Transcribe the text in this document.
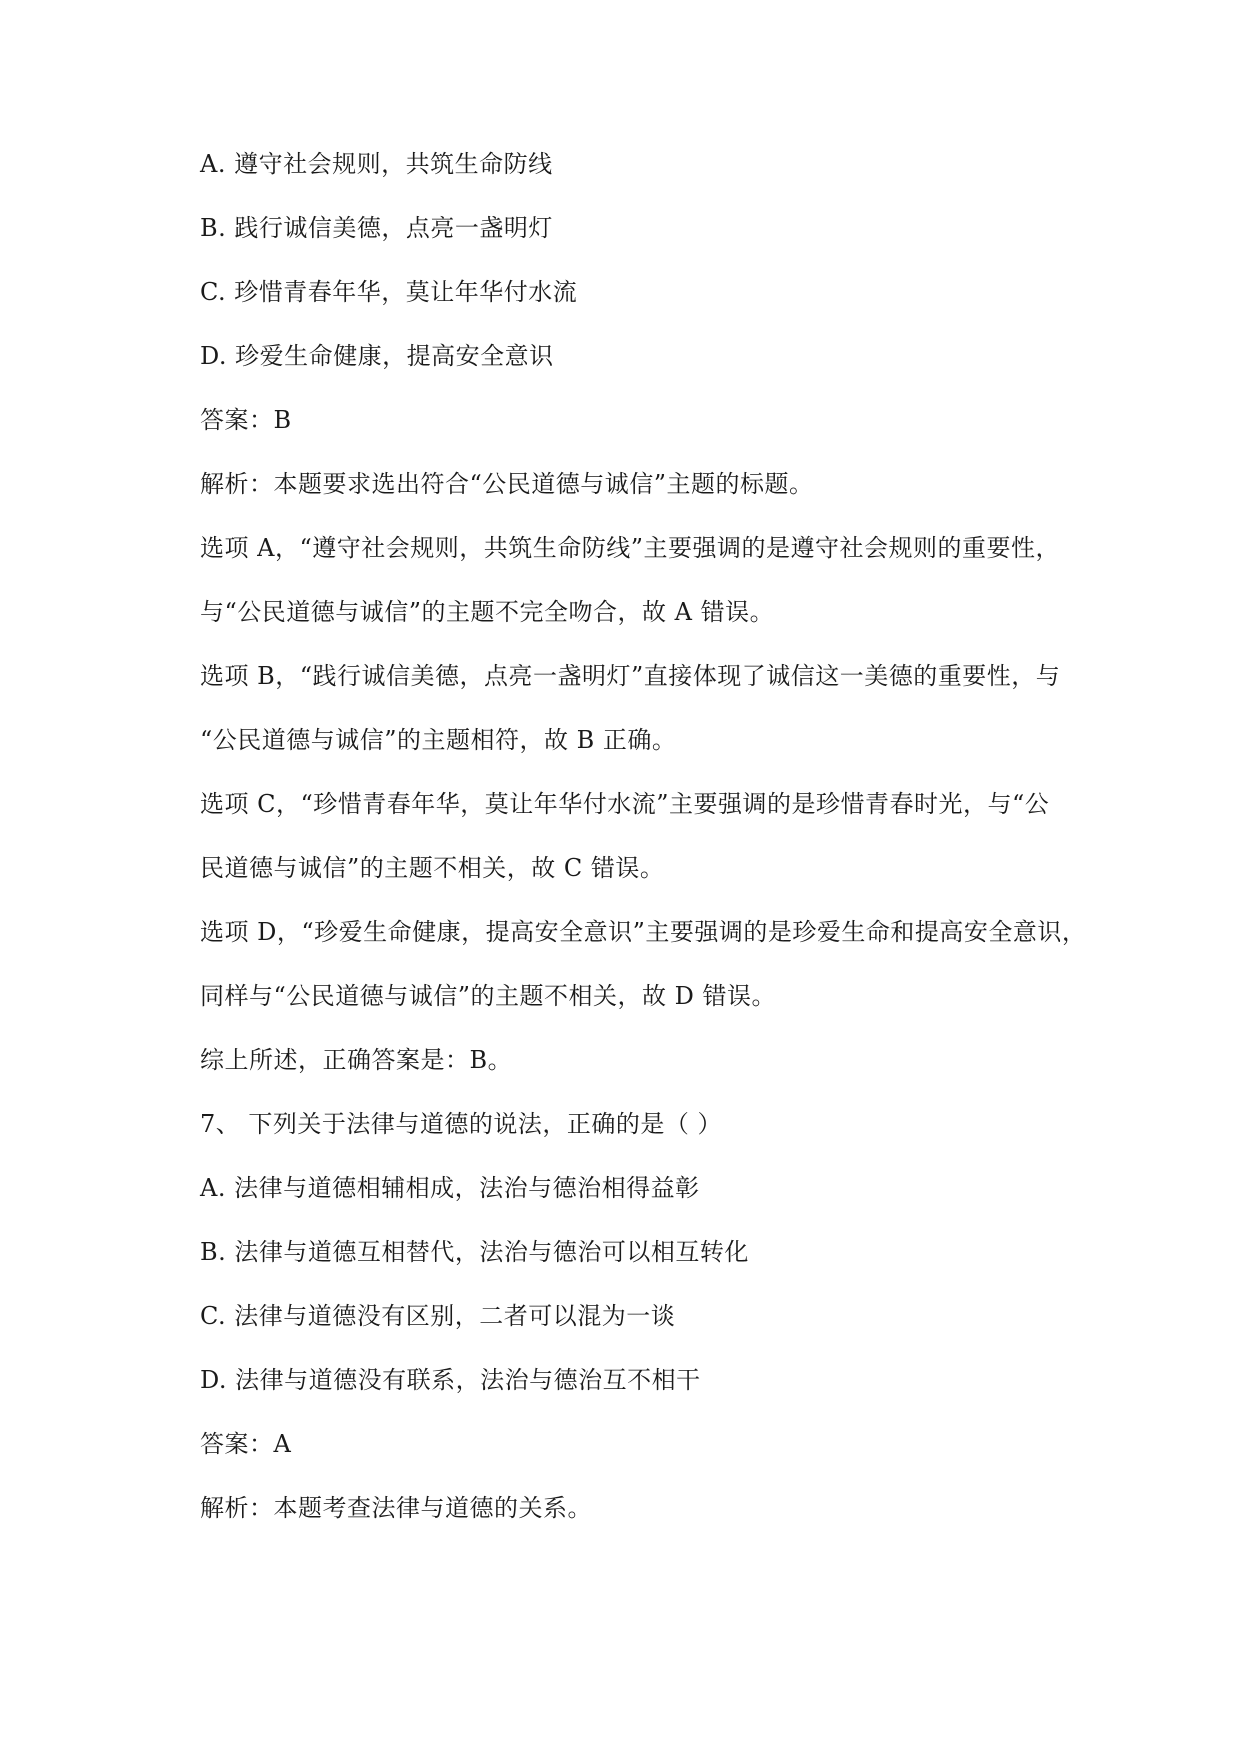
A. 遵守社会规则，共筑生命防线

B. 践行诚信美德，点亮一盏明灯

C. 珍惜青春年华，莫让年华付水流

D. 珍爱生命健康，提高安全意识

答案：B

解析：本题要求选出符合“公民道德与诚信”主题的标题。

选项 A，“遵守社会规则，共筑生命防线”主要强调的是遵守社会规则的重要性，

与“公民道德与诚信”的主题不完全吻合，故 A 错误。

选项 B，“践行诚信美德，点亮一盏明灯”直接体现了诚信这一美德的重要性，与

“公民道德与诚信”的主题相符，故 B 正确。

选项 C，“珍惜青春年华，莫让年华付水流”主要强调的是珍惜青春时光，与“公

民道德与诚信”的主题不相关，故 C 错误。

选项 D，“珍爱生命健康，提高安全意识”主要强调的是珍爱生命和提高安全意识，

同样与“公民道德与诚信”的主题不相关，故 D 错误。

综上所述，正确答案是：B。

7、 下列关于法律与道德的说法，正确的是（ ）

A. 法律与道德相辅相成，法治与德治相得益彰

B. 法律与道德互相替代，法治与德治可以相互转化

C. 法律与道德没有区别，二者可以混为一谈

D. 法律与道德没有联系，法治与德治互不相干

答案：A

解析：本题考查法律与道德的关系。
